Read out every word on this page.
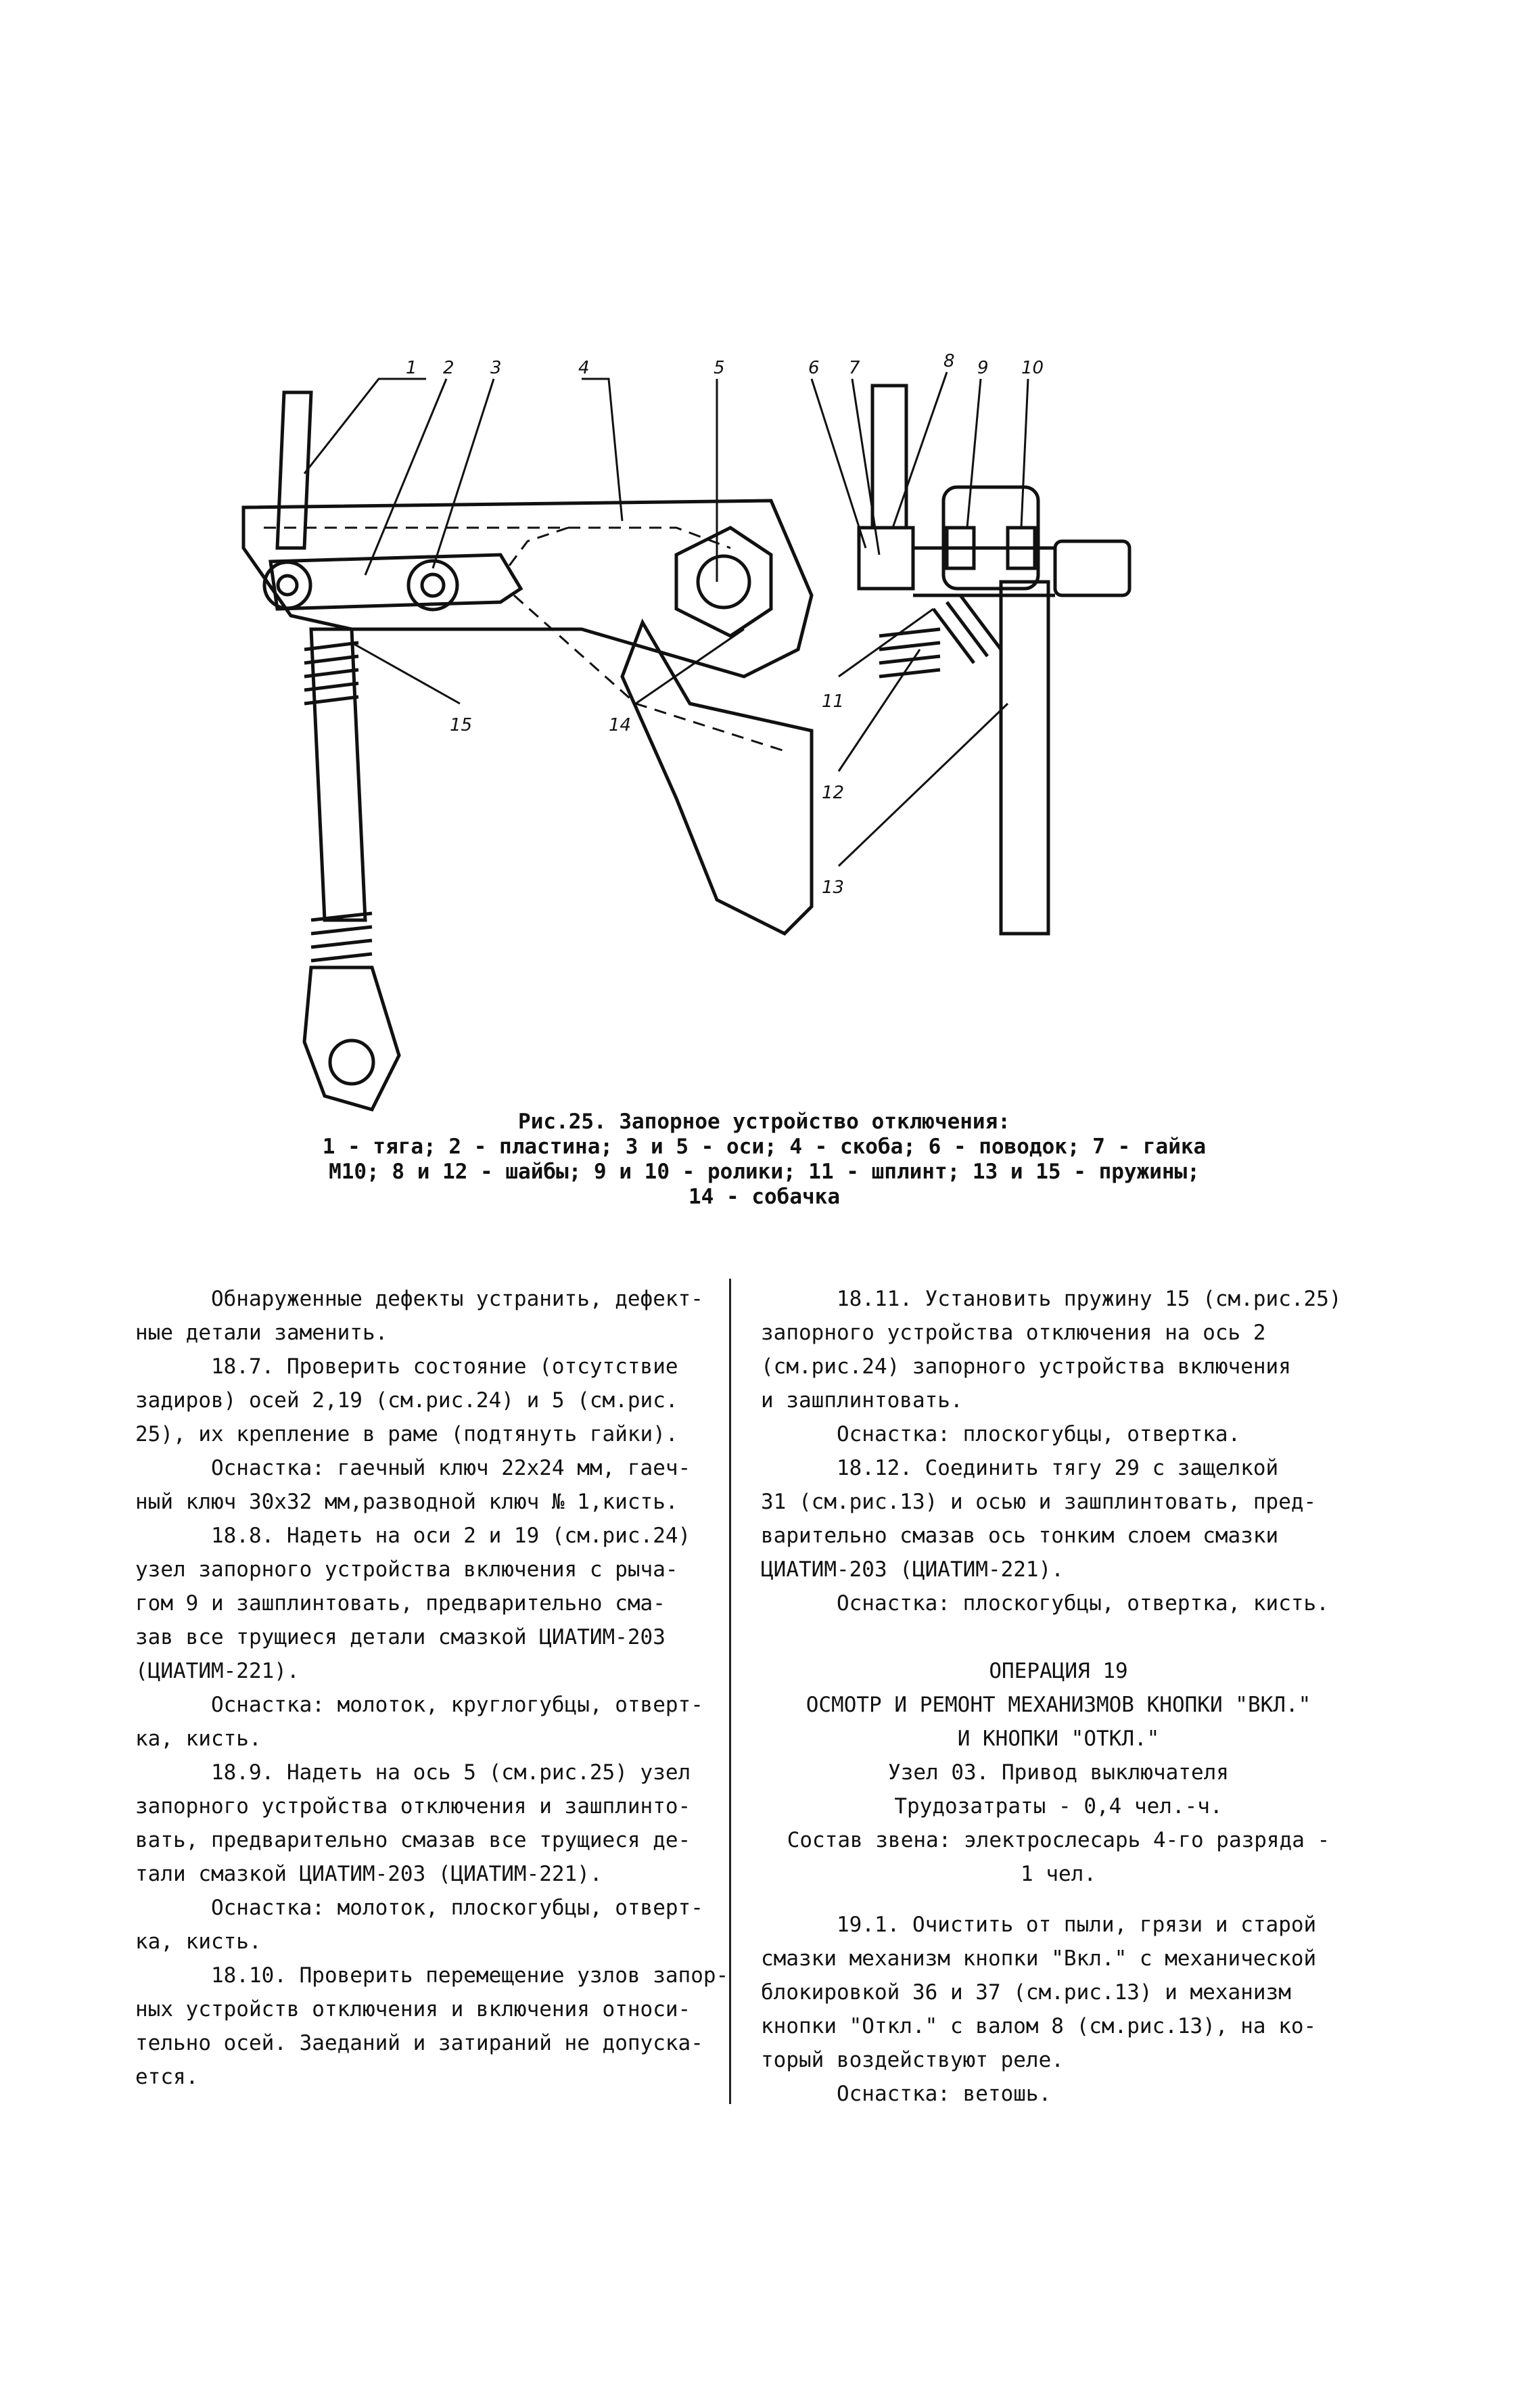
1 2 3	4	5	6 7	8 9 10
11
12
13
14
15
Рис.25. Запорное устройство отключения:
1 - тяга; 2 - пластина; 3 и 5 - оси; 4 - скоба; 6 - поводок; 7 - гайка
М10; 8 и 12 - шайбы; 9 и 10 - ролики; 11 - шплинт; 13 и 15 - пружины;
14 - собачка

Обнаруженные дефекты устранить, дефект-

ные детали заменить.

18.7. Проверить состояние (отсутствие

задиров) осей 2,19 (см.рис.24) и 5 (см.рис.

25), их крепление в раме (подтянуть гайки).

Оснастка: гаечный ключ 22х24 мм, гаеч-

ный ключ 30х32 мм,разводной ключ № 1,кисть.

18.8. Надеть на оси 2 и 19 (см.рис.24)

узел запорного устройства включения с рыча-

гом 9 и зашплинтовать, предварительно сма-

зав все трущиеся детали смазкой ЦИАТИМ-203

(ЦИАТИМ-221).

Оснастка: молоток, круглогубцы, отверт-

ка, кисть.

18.9. Надеть на ось 5 (см.рис.25) узел

запорного устройства отключения и зашплинто-

вать, предварительно смазав все трущиеся де-

тали смазкой ЦИАТИМ-203 (ЦИАТИМ-221).

Оснастка: молоток, плоскогубцы, отверт-

ка, кисть.

18.10. Проверить перемещение узлов запор-

ных устройств отключения и включения относи-

тельно осей. Заеданий и затираний не допуска-

ется.

18.11. Установить пружину 15 (см.рис.25)

запорного устройства отключения на ось 2

(см.рис.24) запорного устройства включения

и зашплинтовать.

Оснастка: плоскогубцы, отвертка.

18.12. Соединить тягу 29 с защелкой

31 (см.рис.13) и осью и зашплинтовать, пред-

варительно смазав ось тонким слоем смазки

ЦИАТИМ-203 (ЦИАТИМ-221).

Оснастка: плоскогубцы, отвертка, кисть.

ОПЕРАЦИЯ 19

ОСМОТР И РЕМОНТ МЕХАНИЗМОВ КНОПКИ "ВКЛ."

И КНОПКИ "ОТКЛ."

Узел 03. Привод выключателя

Трудозатраты - 0,4 чел.-ч.

Состав звена: электрослесарь 4-го разряда -

1 чел.

19.1. Очистить от пыли, грязи и старой

смазки механизм кнопки "Вкл." с механической

блокировкой 36 и 37 (см.рис.13) и механизм

кнопки "Откл." с валом 8 (см.рис.13), на ко-

торый воздействуют реле.

Оснастка: ветошь.
